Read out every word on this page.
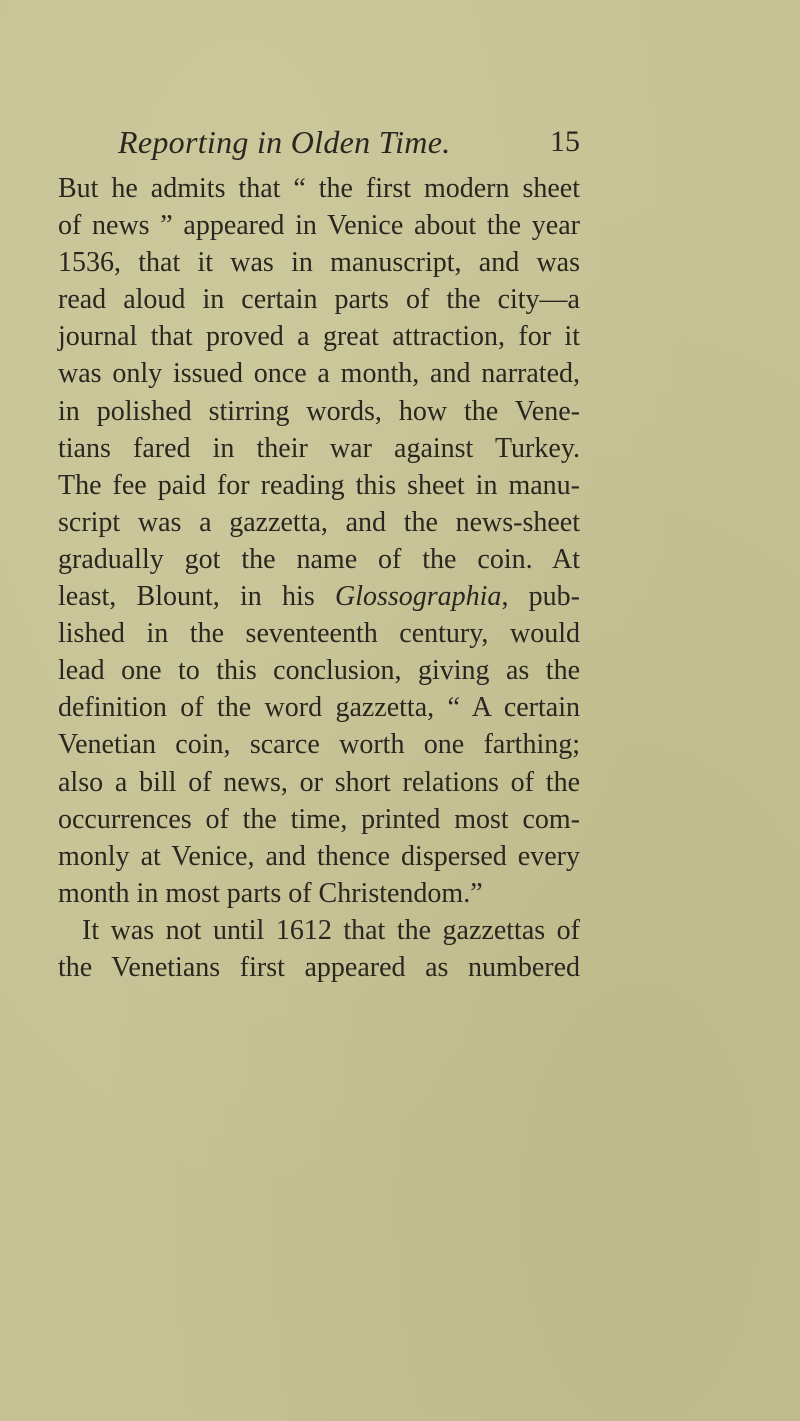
Reporting in Olden Time.	15
But he admits that “ the first modern sheet
of news ” appeared in Venice about the year
1536, that it was in manuscript, and was
read aloud in certain parts of the city—a
journal that proved a great attraction, for it
was only issued once a month, and narrated,
in polished stirring words, how the Vene-
tians fared in their war against Turkey.
The fee paid for reading this sheet in manu-
script was a gazzetta, and the news-sheet
gradually got the name of the coin. At
least, Blount, in his Glossographia, pub-
lished in the seventeenth century, would
lead one to this conclusion, giving as the
definition of the word gazzetta, “ A certain
Venetian coin, scarce worth one farthing;
also a bill of news, or short relations of the
occurrences of the time, printed most com-
monly at Venice, and thence dispersed every
month in most parts of Christendom.”
It was not until 1612 that the gazzettas of
the Venetians first appeared as numbered
